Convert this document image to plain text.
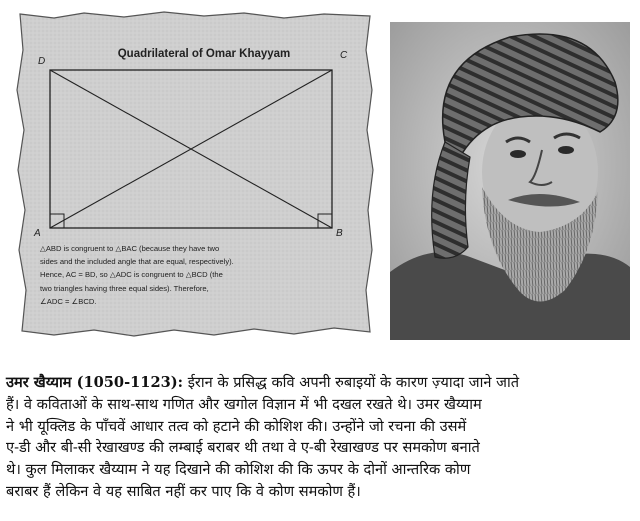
Quadrilateral of Omar Khayyam
D
C
A	B
△ABD is congruent to △BAC (because they have two
sides and the included angle that are equal, respectively).
Hence, AC = BD, so △ADC is congruent to △BCD (the
two triangles having three equal sides). Therefore,
∠ADC = ∠BCD.
उमर खैय्याम (1050-1123): ईरान के प्रसिद्ध कवि अपनी रुबाइयों के कारण ज़्यादा जाने जाते
हैं। वे कविताओं के साथ-साथ गणित और खगोल विज्ञान में भी दखल रखते थे। उमर खैय्याम
ने भी यूक्लिड के पाँचवें आधार तत्व को हटाने की कोशिश की। उन्होंने जो रचना की उसमें
ए-डी और बी-सी रेखाखण्ड की लम्बाई बराबर थी तथा वे ए-बी रेखाखण्ड पर समकोण बनाते
थे। कुल मिलाकर खैय्याम ने यह दिखाने की कोशिश की कि ऊपर के दोनों आन्तरिक कोण
बराबर हैं लेकिन वे यह साबित नहीं कर पाए कि वे कोण समकोण हैं।
